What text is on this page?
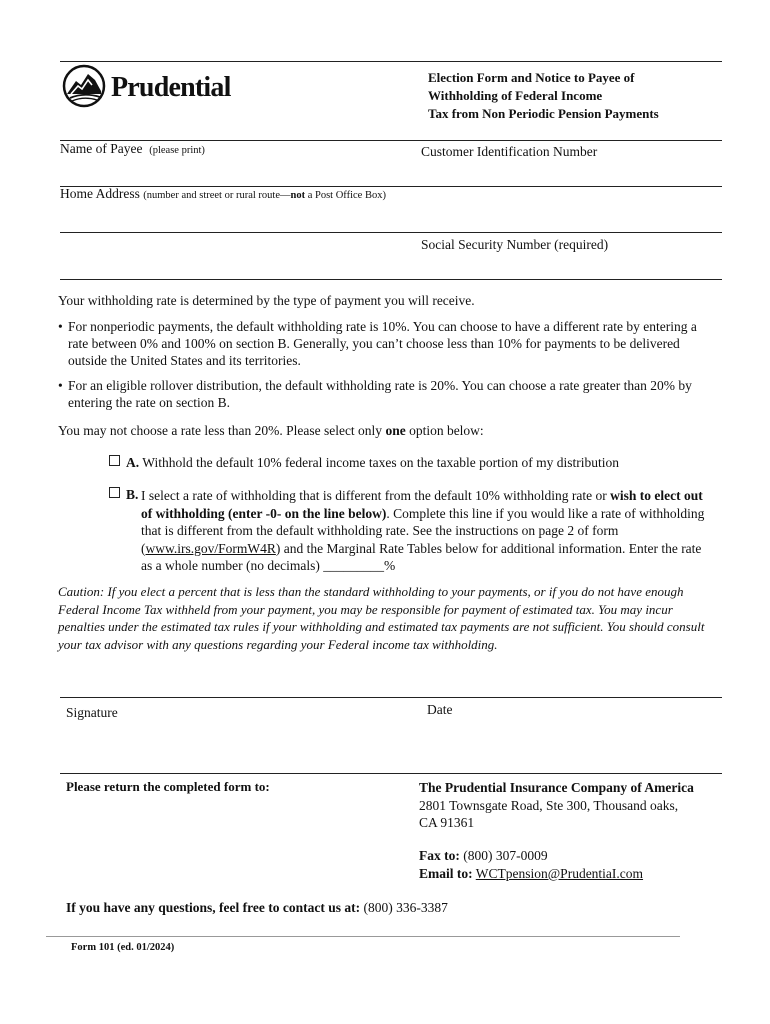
Prudential	Election Form and Notice to Payee of
Withholding of Federal Income
Tax from Non Periodic Pension Payments
Name of Payee (please print)	Customer Identification Number
Home Address (number and street or rural route—not a Post Office Box)
Social Security Number (required)
Your withholding rate is determined by the type of payment you will receive.
• For nonperiodic payments, the default withholding rate is 10%. You can choose to have a different rate by entering a rate between 0% and 100% on section B. Generally, you can’t choose less than 10% for payments to be delivered outside the United States and its territories.
• For an eligible rollover distribution, the default withholding rate is 20%. You can choose a rate greater than 20% by entering the rate on section B.
You may not choose a rate less than 20%. Please select only one option below:
A. Withhold the default 10% federal income taxes on the taxable portion of my distribution
B. I select a rate of withholding that is different from the default 10% withholding rate or wish to elect out of withholding (enter -0- on the line below). Complete this line if you would like a rate of withholding that is different from the default withholding rate. See the instructions on page 2 of form (www.irs.gov/FormW4R) and the Marginal Rate Tables below for additional information. Enter the rate as a whole number (no decimals) _________%
Caution: If you elect a percent that is less than the standard withholding to your payments, or if you do not have enough Federal Income Tax withheld from your payment, you may be responsible for payment of estimated tax. You may incur penalties under the estimated tax rules if your withholding and estimated tax payments are not sufficient. You should consult your tax advisor with any questions regarding your Federal income tax withholding.
Signature	Date
Please return the completed form to:	The Prudential Insurance Company of America
2801 Townsgate Road, Ste 300, Thousand oaks,
CA 91361
Fax to: (800) 307-0009
Email to: WCTpension@PrudentiaI.com
If you have any questions, feel free to contact us at: (800) 336-3387
Form 101 (ed. 01/2024)
